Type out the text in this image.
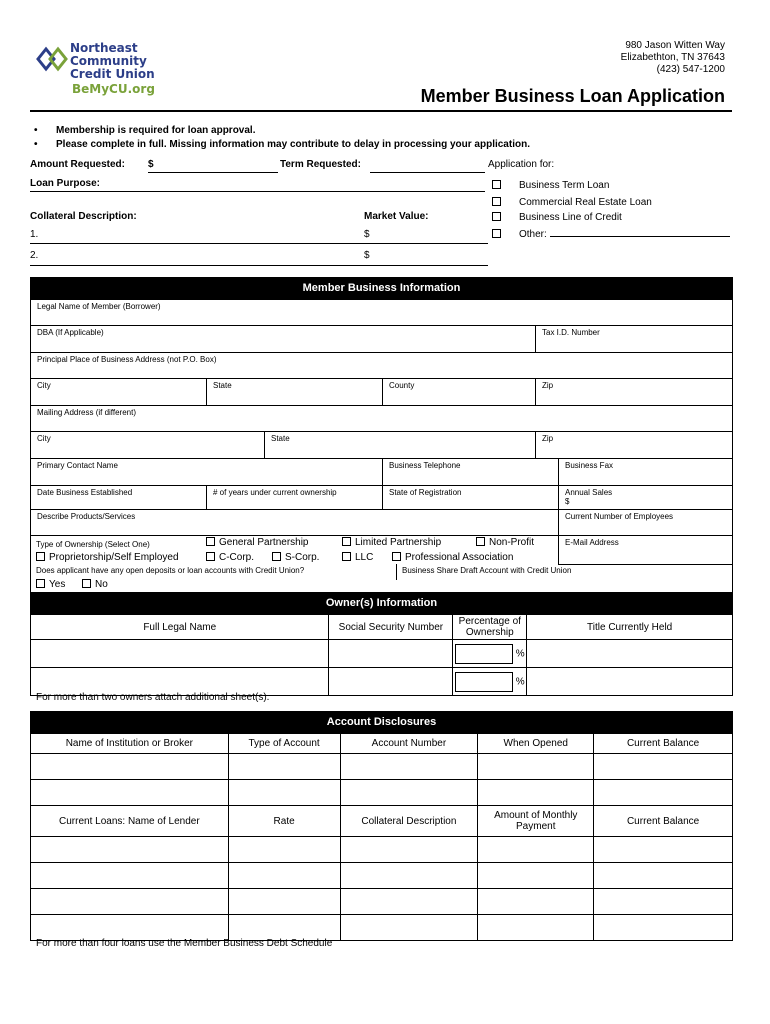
Northeast
Community
Credit Union
BeMyCU.org
980 Jason Witten Way
Elizabethton, TN 37643
(423) 547-1200
Member Business Loan Application
• Membership is required for loan approval.
• Please complete in full. Missing information may contribute to delay in processing your application.
Amount Requested: $	Term Requested:	Application for:
Loan Purpose:
Collateral Description:	Market Value:
1.	$
2.	$
Business Term Loan
Commercial Real Estate Loan
Business Line of Credit
Other:
Member Business Information
Legal Name of Member (Borrower)
DBA (If Applicable)	Tax I.D. Number
Principal Place of Business Address (not P.O. Box)
City	State	County	Zip
Mailing Address (if different)
City	State	Zip
Primary Contact Name	Business Telephone	Business Fax
Date Business Established	# of years under current ownership	State of Registration	Annual Sales
$
Describe Products/Services	Current Number of Employees
Type of Ownership (Select One)	General Partnership	Limited Partnership	Non-Profit
Proprietorship/Self Employed	C-Corp.	S-Corp.	LLC	Professional Association
E-Mail Address
Does applicant have any open deposits or loan accounts with Credit Union?	Business Share Draft Account with Credit Union
Yes	No
Owner(s) Information
Full Legal Name	Social Security Number	Percentage of Ownership	Title Currently Held
		%	
		%	
For more than two owners attach additional sheet(s).
Account Disclosures
Name of Institution or Broker	Type of Account	Account Number	When Opened	Current Balance

Current Loans: Name of Lender	Rate	Collateral Description	Amount of Monthly Payment	Current Balance

For more than four loans use the Member Business Debt Schedule
